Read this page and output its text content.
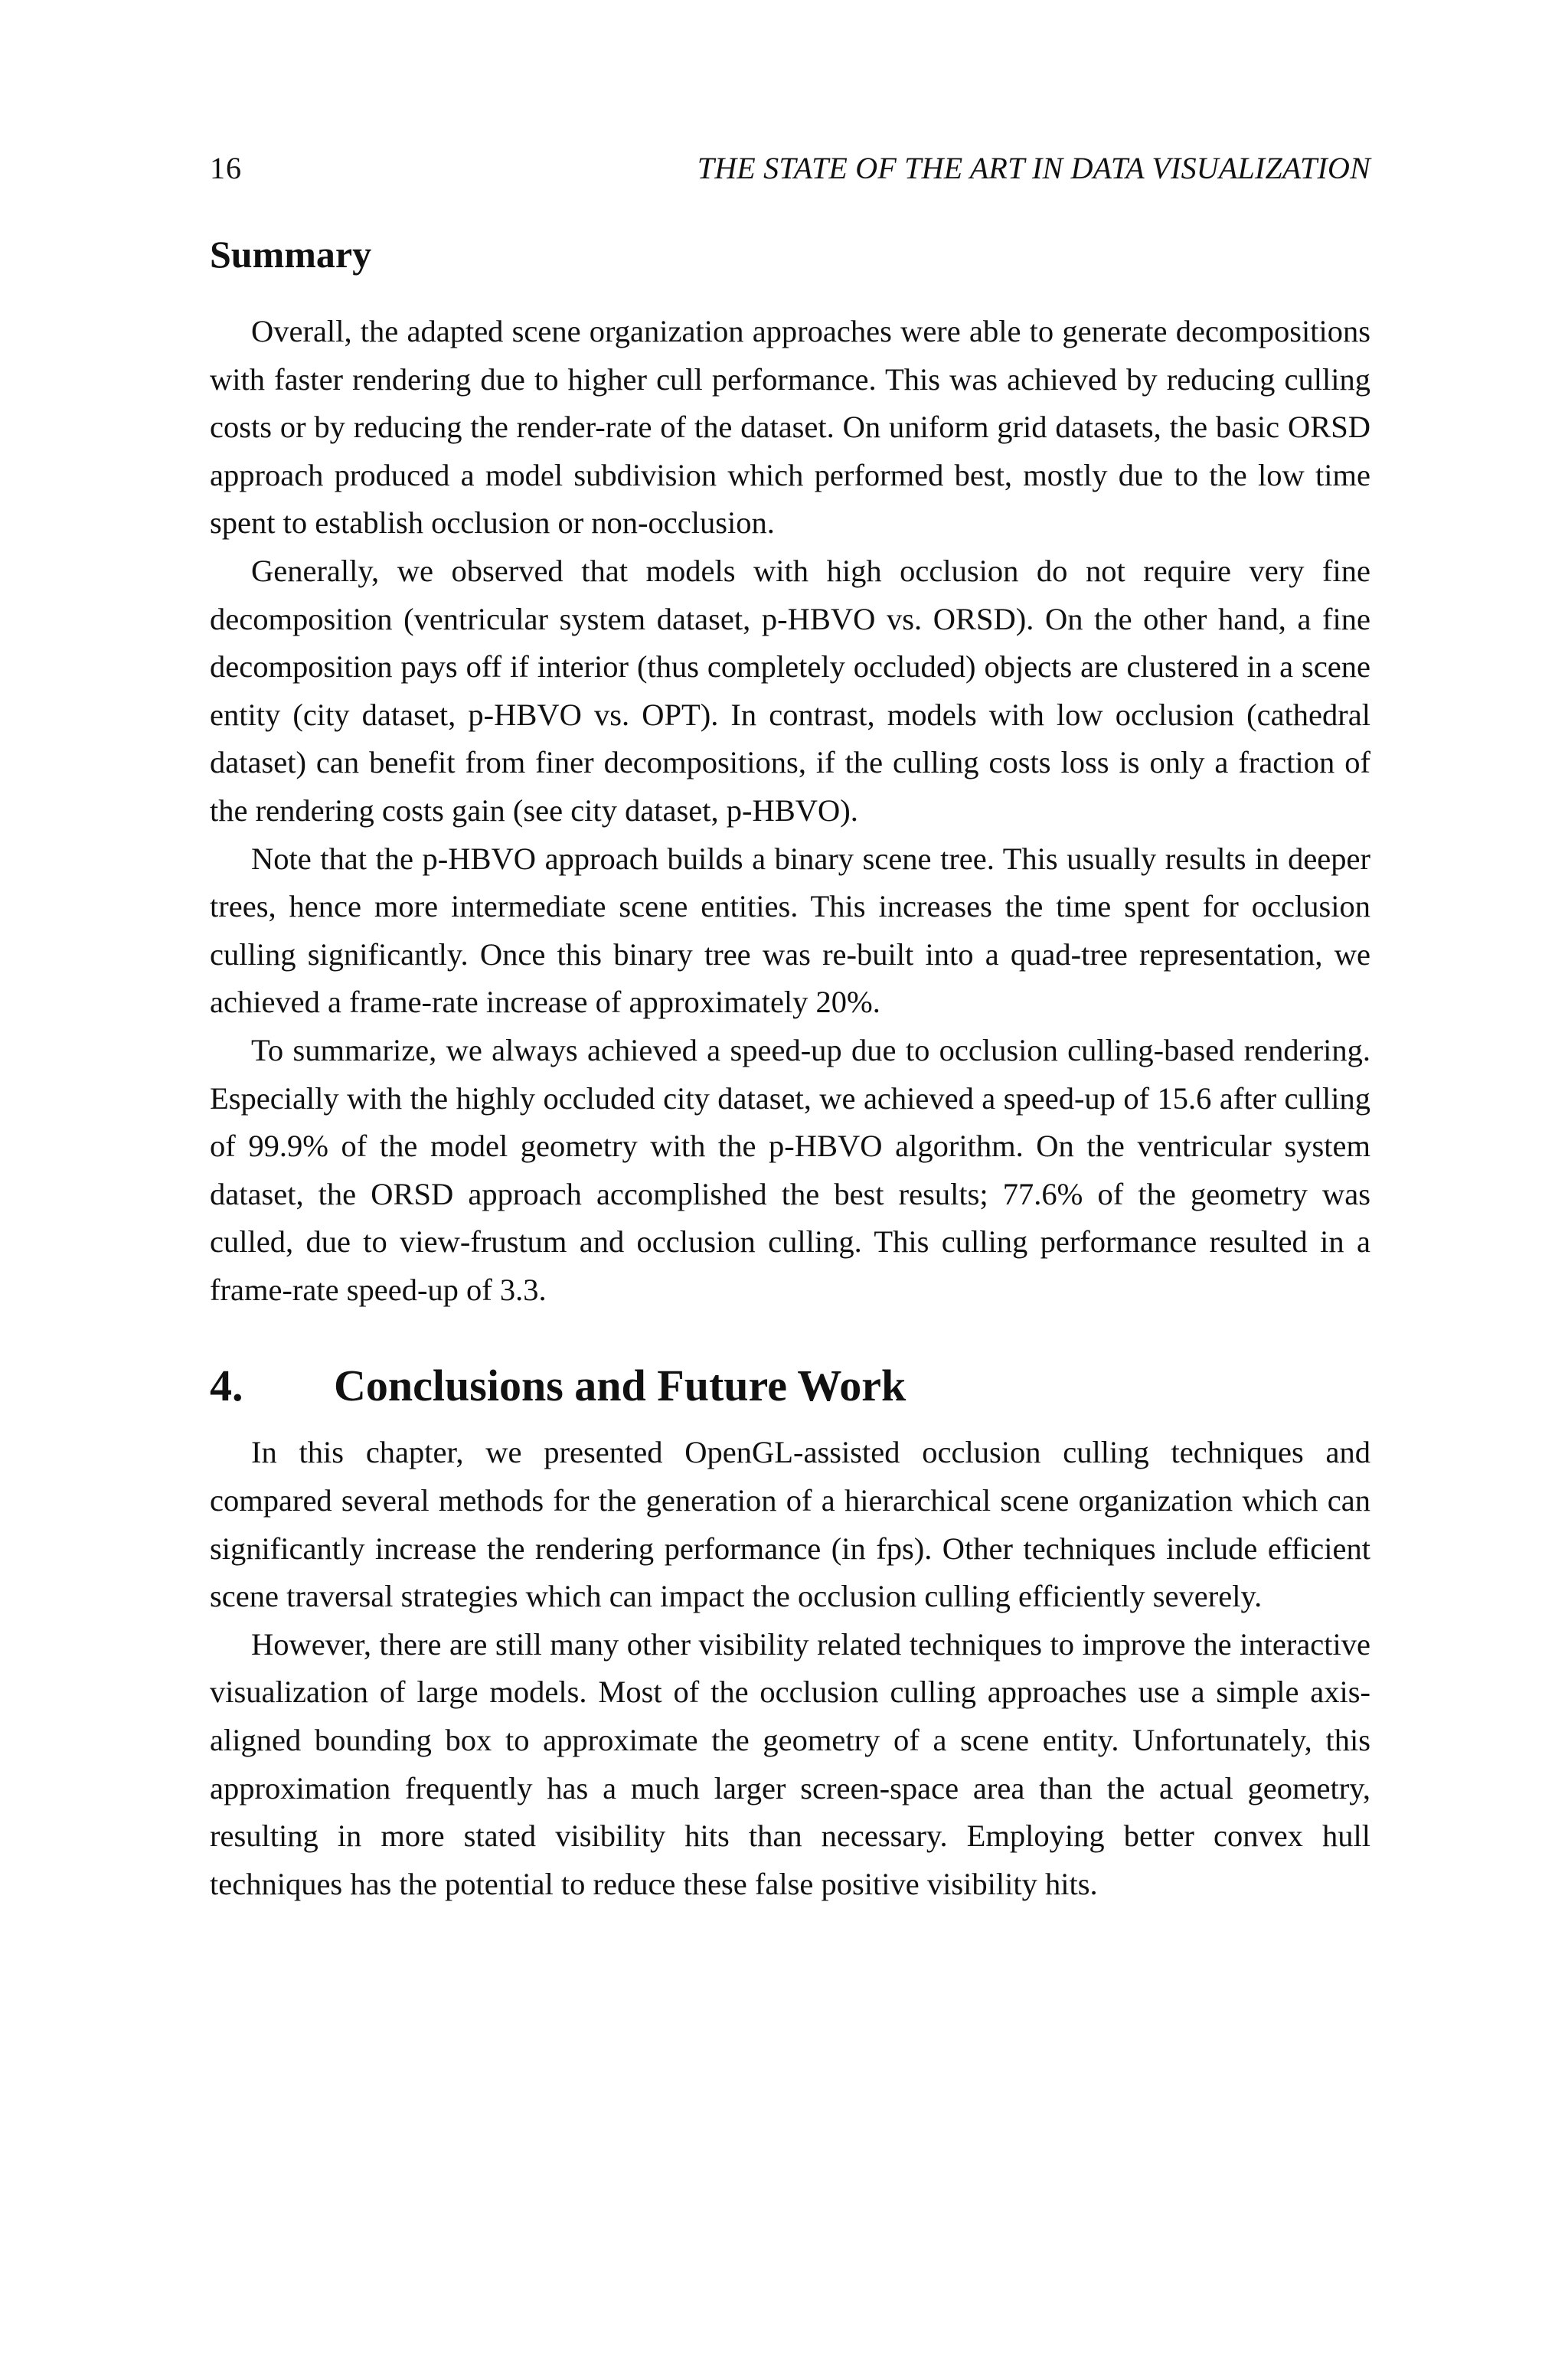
16	THE STATE OF THE ART IN DATA VISUALIZATION
Summary

Overall, the adapted scene organization approaches were able to generate decompositions with faster rendering due to higher cull performance. This was achieved by reducing culling costs or by reducing the render-rate of the dataset. On uniform grid datasets, the basic ORSD approach produced a model subdivision which performed best, mostly due to the low time spent to establish occlusion or non-occlusion.

Generally, we observed that models with high occlusion do not require very fine decomposition (ventricular system dataset, p-HBVO vs. ORSD). On the other hand, a fine decomposition pays off if interior (thus completely occluded) objects are clustered in a scene entity (city dataset, p-HBVO vs. OPT). In contrast, models with low occlusion (cathedral dataset) can benefit from finer decompositions, if the culling costs loss is only a fraction of the rendering costs gain (see city dataset, p-HBVO).

Note that the p-HBVO approach builds a binary scene tree. This usually results in deeper trees, hence more intermediate scene entities. This increases the time spent for occlusion culling significantly. Once this binary tree was re-built into a quad-tree representation, we achieved a frame-rate increase of approximately 20%.

To summarize, we always achieved a speed-up due to occlusion culling-based rendering. Especially with the highly occluded city dataset, we achieved a speed-up of 15.6 after culling of 99.9% of the model geometry with the p-HBVO algorithm. On the ventricular system dataset, the ORSD approach accomplished the best results; 77.6% of the geometry was culled, due to view-frustum and occlusion culling. This culling performance resulted in a frame-rate speed-up of 3.3.

4.	Conclusions and Future Work

In this chapter, we presented OpenGL-assisted occlusion culling techniques and compared several methods for the generation of a hierarchical scene organization which can significantly increase the rendering performance (in fps). Other techniques include efficient scene traversal strategies which can impact the occlusion culling efficiently severely.

However, there are still many other visibility related techniques to improve the interactive visualization of large models. Most of the occlusion culling approaches use a simple axis-aligned bounding box to approximate the geometry of a scene entity. Unfortunately, this approximation frequently has a much larger screen-space area than the actual geometry, resulting in more stated visibility hits than necessary. Employing better convex hull techniques has the potential to reduce these false positive visibility hits.
